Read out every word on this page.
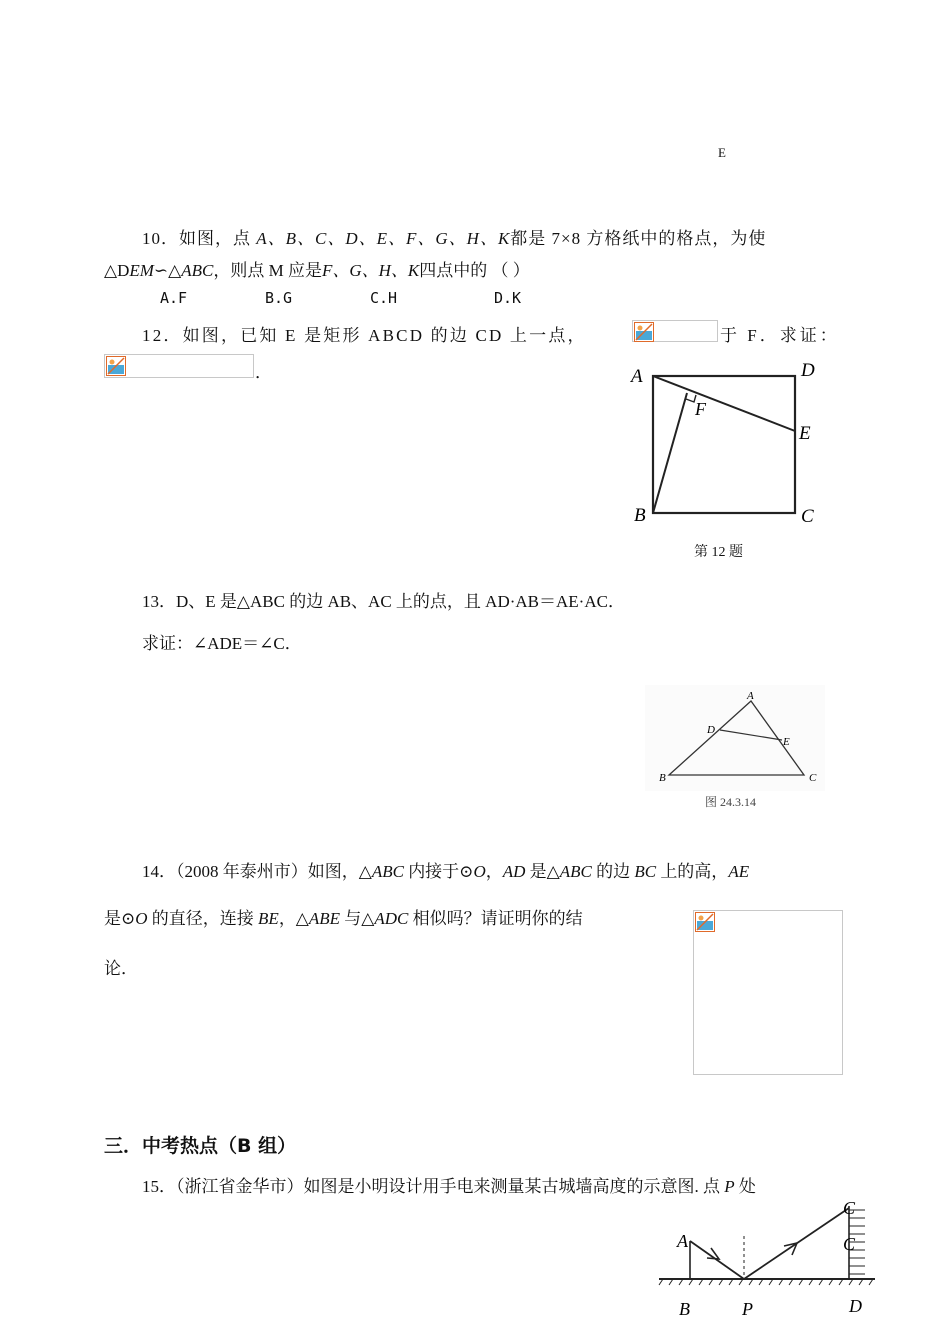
E
10．如图，点 A、B、C、D、E、F、G、H、K都是 7×8 方格纸中的格点，为使
△DEM∽△ABC，则点 M 应是F、G、H、K四点中的 （ ）
A.F	B.G	C.H	D.K
12．如图，已知 E 是矩形 ABCD 的边 CD 上一点，	于 F．求证：
．	A	D
F
E
B	C
第 12 题
13．D、E 是△ABC 的边 AB、AC 上的点，且 AD·AB＝AE·AC．
求证：∠ADE＝∠C．
A
D
E
B	C
图 24.3.14
14．（2008 年泰州市）如图，△ABC 内接于⊙O，AD 是△ABC 的边 BC 上的高，AE
是⊙O 的直径，连接 BE，△ABE 与△ADC 相似吗？请证明你的结
论．
三．中考热点（B 组）
15．（浙江省金华市）如图是小明设计用手电来测量某古城墙高度的示意图. 点 P 处
A
C
C
B	P	D
